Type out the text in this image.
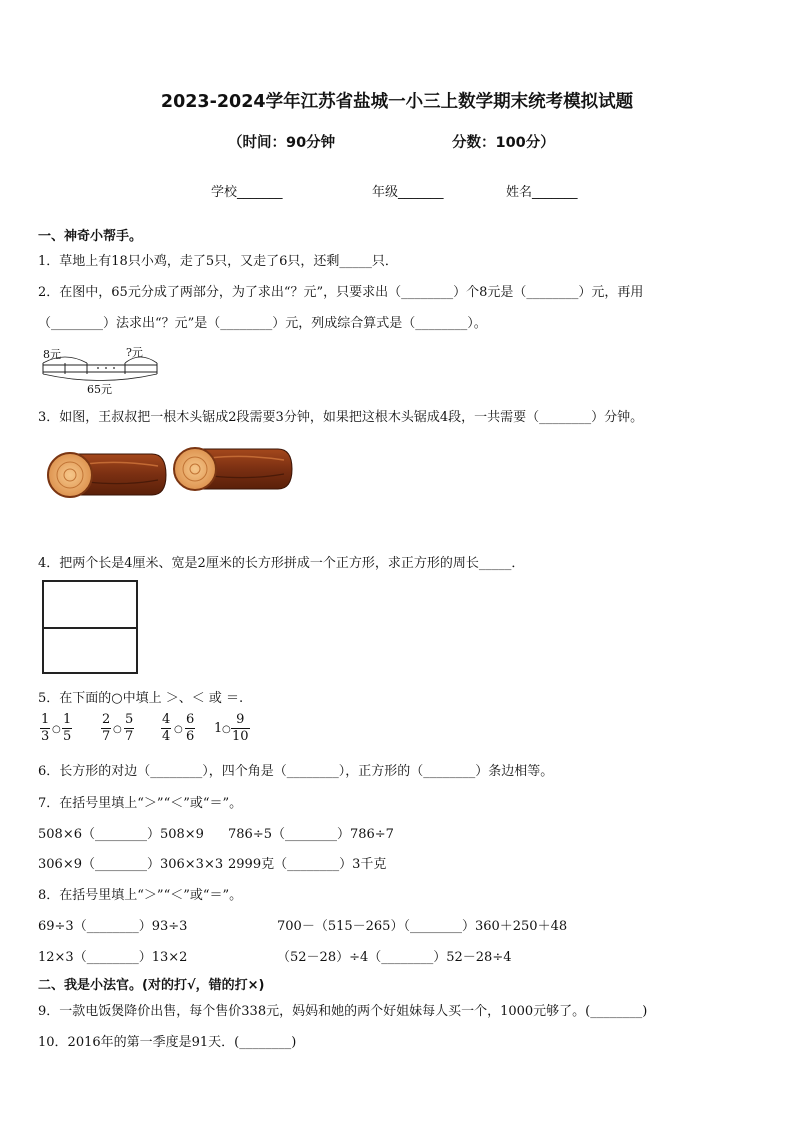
2023-2024学年江苏省盐城一小三上数学期末统考模拟试题
（时间：90分钟	分数：100分）
学校_______	年级_______	姓名_______
一、神奇小帮手。
1．草地上有18只小鸡，走了5只，又走了6只，还剩_____只．
2．在图中，65元分成了两部分，为了求出“？元”，只要求出（________）个8元是（________）元，再用
（________）法求出“？元”是（________）元，列成综合算式是（________）。
8元	?元
65元
3．如图，王叔叔把一根木头锯成2段需要3分钟，如果把这根木头锯成4段，一共需要（________）分钟。
4．把两个长是4厘米、宽是2厘米的长方形拼成一个正方形，求正方形的周长_____．
5．在下面的○中填上 ＞、＜ 或 ＝.
$\frac{1}{3}$ ○ $\frac{1}{5} \frac{2}{7}$ ○ $\frac{5}{7} \frac{4}{4}$ ○ $\frac{6}{6} 1$ ○ $\frac{9}{10}$
6．长方形的对边（________），四个角是（________），正方形的（________）条边相等。
7．在括号里填上“＞”“＜”或“＝”。
508×6（________）508×9 786÷5（________）786÷7
306×9（________）306×3×3 2999克（________）3千克
8．在括号里填上“＞”“＜”或“＝”。
69÷3（________）93÷3	700－（515－265）（________）360＋250＋48
12×3（________）13×2	（52－28）÷4（________）52－28÷4
二、我是小法官。(对的打√，错的打×)
9．一款电饭煲降价出售，每个售价338元，妈妈和她的两个好姐妹每人买一个，1000元够了。(________)
10．2016年的第一季度是91天．(________)
